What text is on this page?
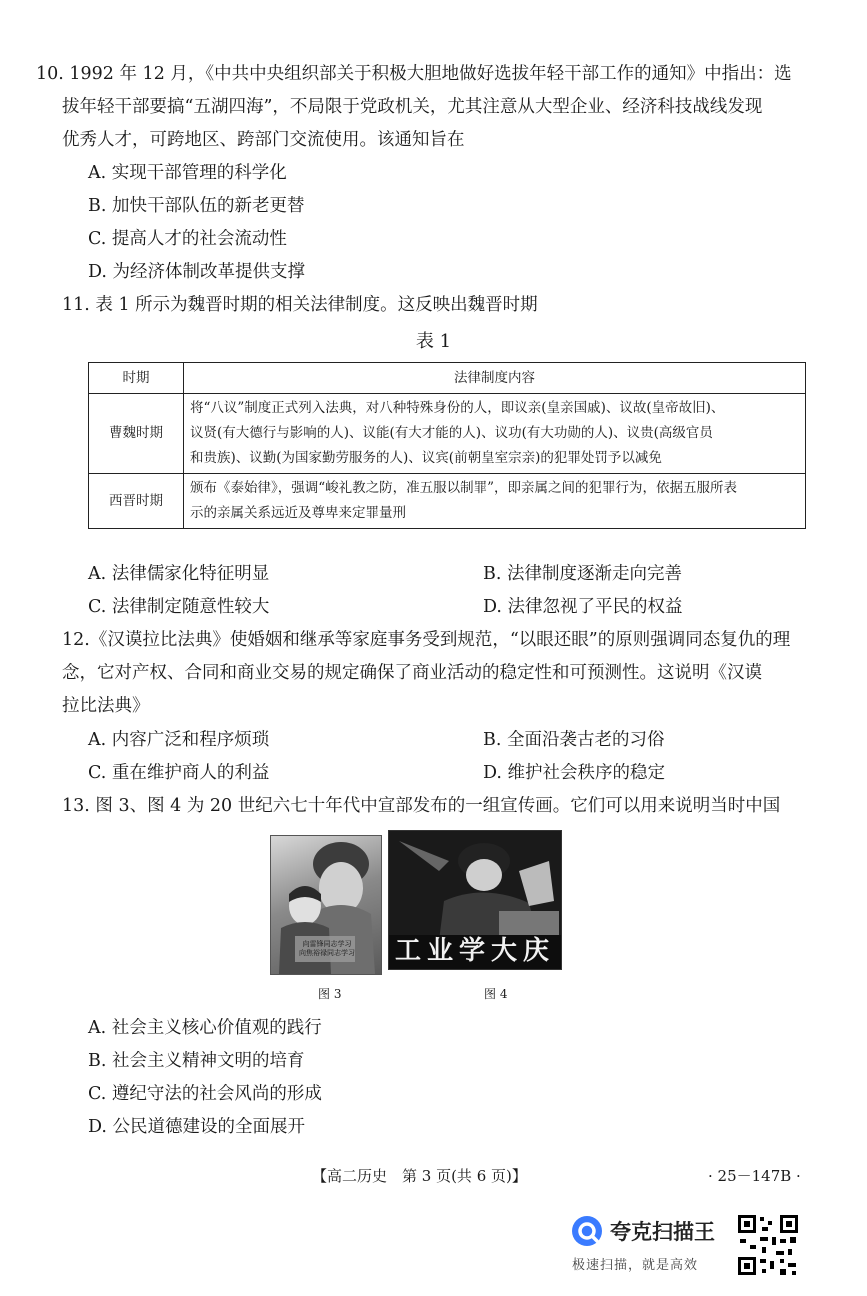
10. 1992 年 12 月，《中共中央组织部关于积极大胆地做好选拔年轻干部工作的通知》中指出：选
拔年轻干部要搞“五湖四海”，不局限于党政机关，尤其注意从大型企业、经济科技战线发现
优秀人才，可跨地区、跨部门交流使用。该通知旨在
A. 实现干部管理的科学化
B. 加快干部队伍的新老更替
C. 提高人才的社会流动性
D. 为经济体制改革提供支撑
11. 表 1 所示为魏晋时期的相关法律制度。这反映出魏晋时期
表 1
时期	法律制度内容
曹魏时期	将“八议”制度正式列入法典，对八种特殊身份的人，即议亲(皇亲国戚)、议故(皇帝故旧)、
议贤(有大德行与影响的人)、议能(有大才能的人)、议功(有大功勋的人)、议贵(高级官员
和贵族)、议勤(为国家勤劳服务的人)、议宾(前朝皇室宗亲)的犯罪处罚予以减免

西晋时期	颁布《泰始律》，强调“峻礼教之防，准五服以制罪”，即亲属之间的犯罪行为，依据五服所表
示的亲属关系远近及尊卑来定罪量刑
A. 法律儒家化特征明显	B. 法律制度逐渐走向完善
C. 法律制定随意性较大	D. 法律忽视了平民的权益
12.《汉谟拉比法典》使婚姻和继承等家庭事务受到规范，“以眼还眼”的原则强调同态复仇的理
念，它对产权、合同和商业交易的规定确保了商业活动的稳定性和可预测性。这说明《汉谟
拉比法典》
A. 内容广泛和程序烦琐	B. 全面沿袭古老的习俗
C. 重在维护商人的利益	D. 维护社会秩序的稳定
13. 图 3、图 4 为 20 世纪六七十年代中宣部发布的一组宣传画。它们可以用来说明当时中国
向雷锋同志学习
向焦裕禄同志学习 工业学大庆
图 3	图 4
A. 社会主义核心价值观的践行
B. 社会主义精神文明的培育
C. 遵纪守法的社会风尚的形成
D. 公民道德建设的全面展开
【高二历史　第 3 页(共 6 页)】	· 25－147B ·
夸克扫描王
极速扫描，就是高效
